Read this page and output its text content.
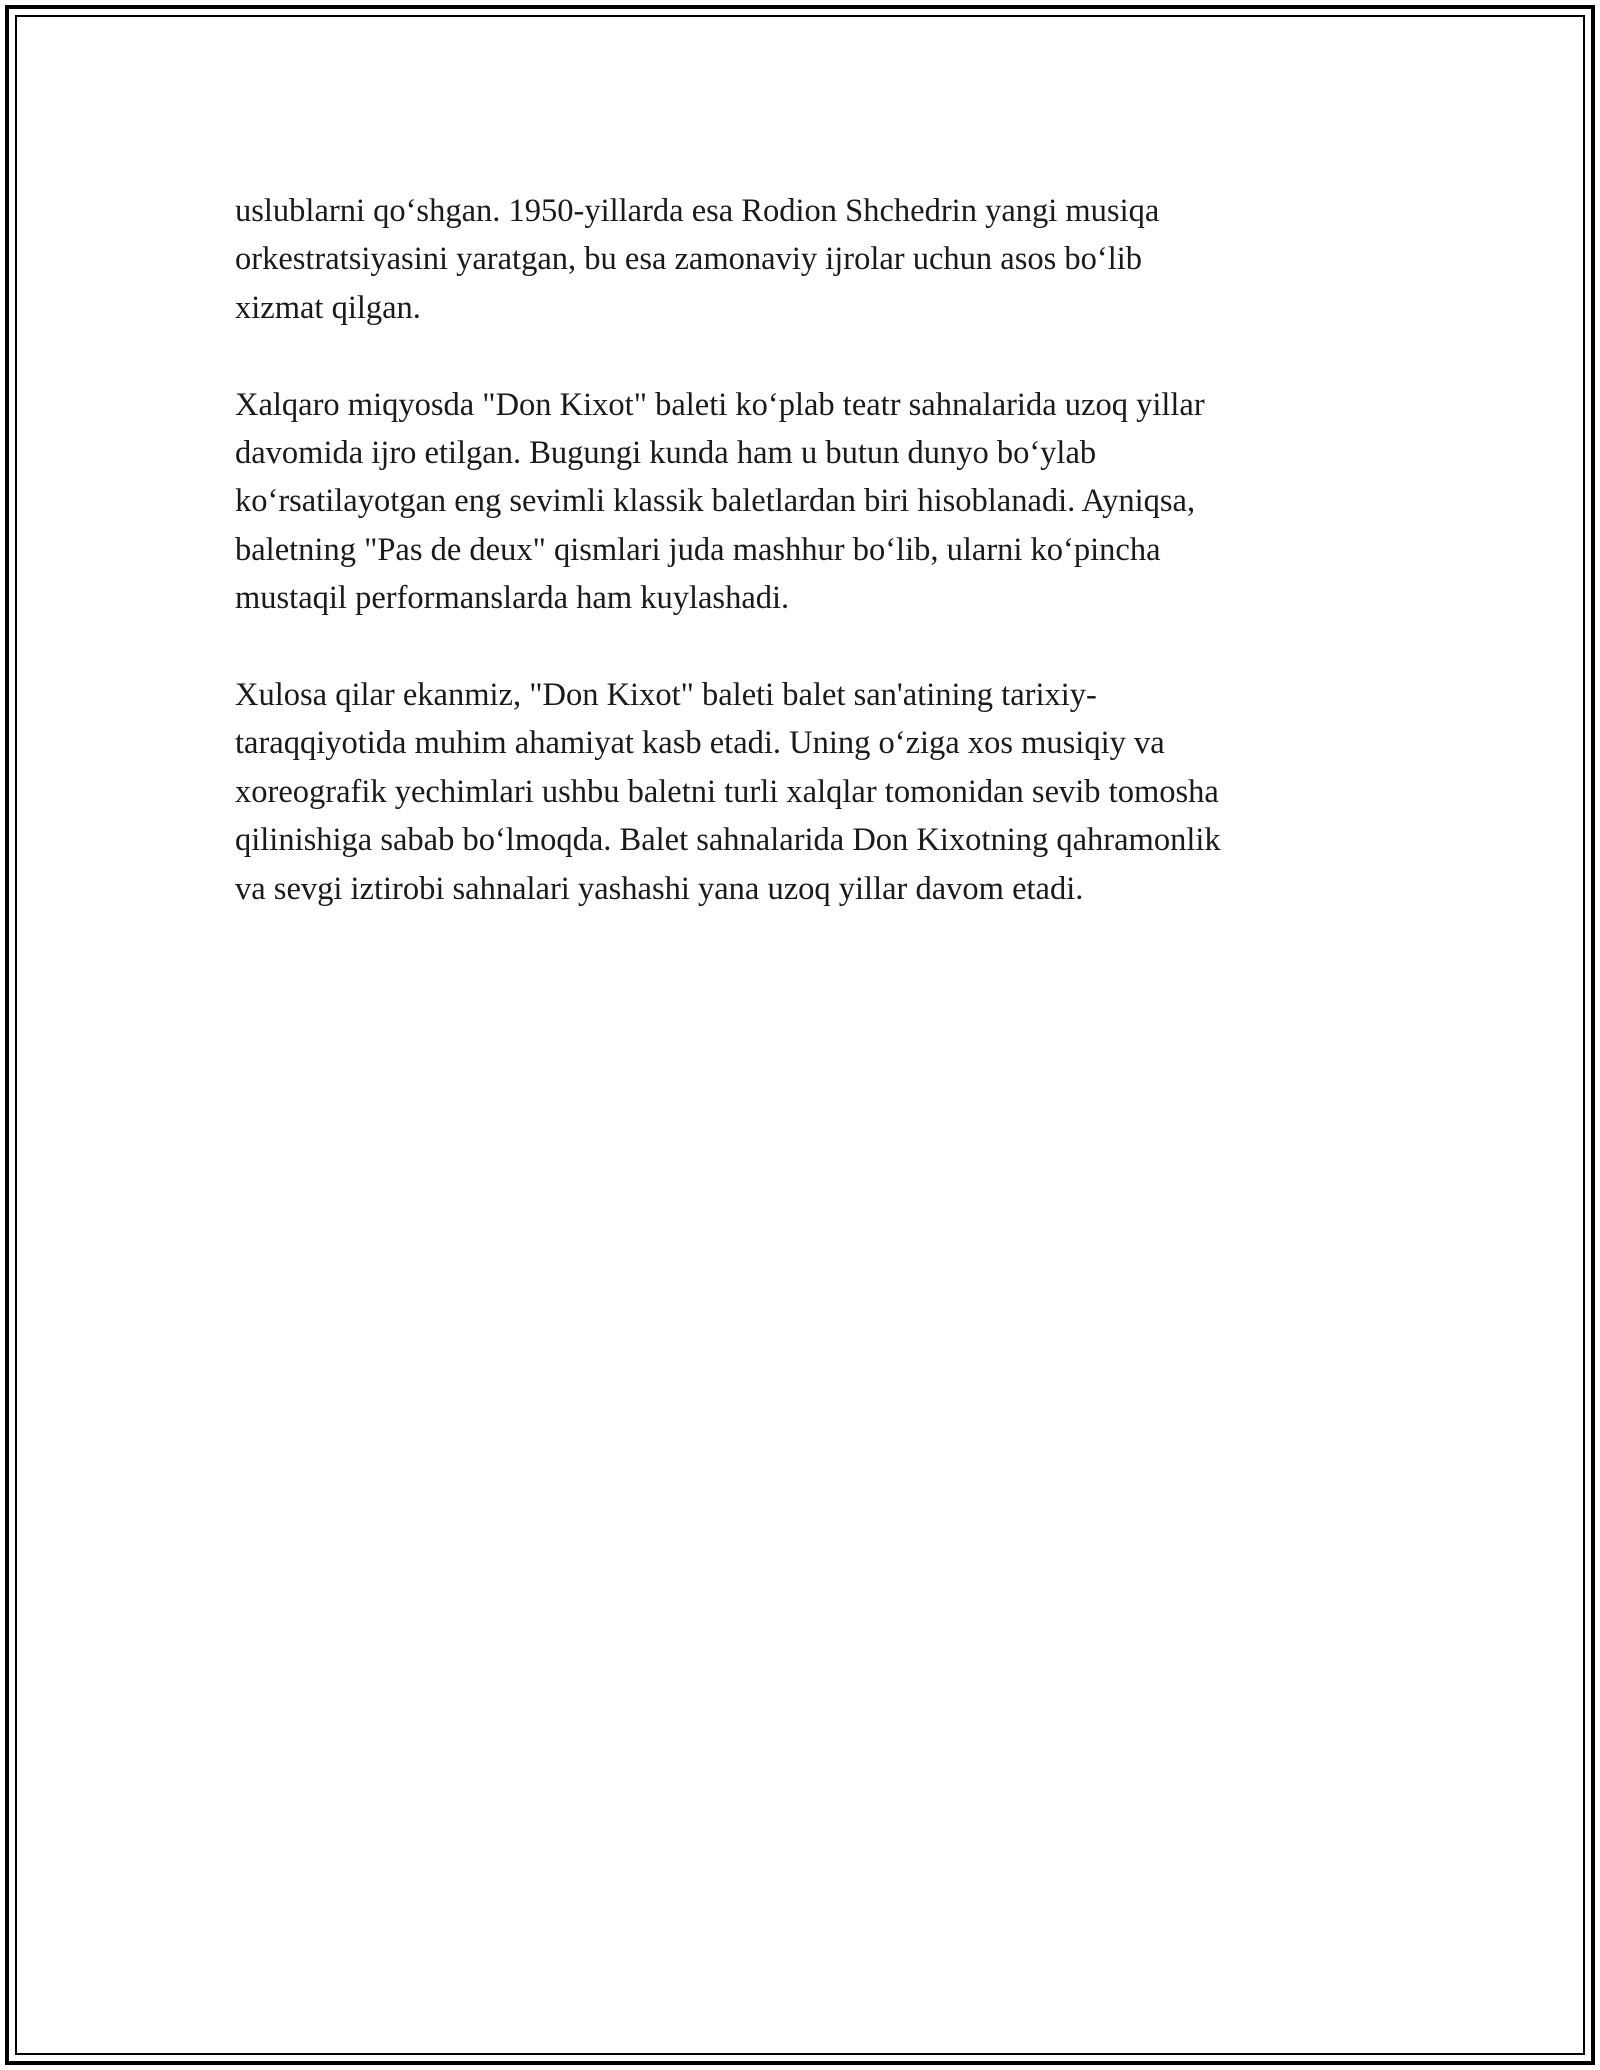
uslublarni qo‘shgan. 1950-yillarda esa Rodion Shchedrin yangi musiqa
orkestratsiyasini yaratgan, bu esa zamonaviy ijrolar uchun asos bo‘lib
xizmat qilgan.

Xalqaro miqyosda "Don Kixot" baleti ko‘plab teatr sahnalarida uzoq yillar
davomida ijro etilgan. Bugungi kunda ham u butun dunyo bo‘ylab
ko‘rsatilayotgan eng sevimli klassik baletlardan biri hisoblanadi. Ayniqsa,
baletning "Pas de deux" qismlari juda mashhur bo‘lib, ularni ko‘pincha
mustaqil performanslarda ham kuylashadi.

Xulosa qilar ekanmiz, "Don Kixot" baleti balet san'atining tarixiy-
taraqqiyotida muhim ahamiyat kasb etadi. Uning o‘ziga xos musiqiy va
xoreografik yechimlari ushbu baletni turli xalqlar tomonidan sevib tomosha
qilinishiga sabab bo‘lmoqda. Balet sahnalarida Don Kixotning qahramonlik
va sevgi iztirobi sahnalari yashashi yana uzoq yillar davom etadi.
